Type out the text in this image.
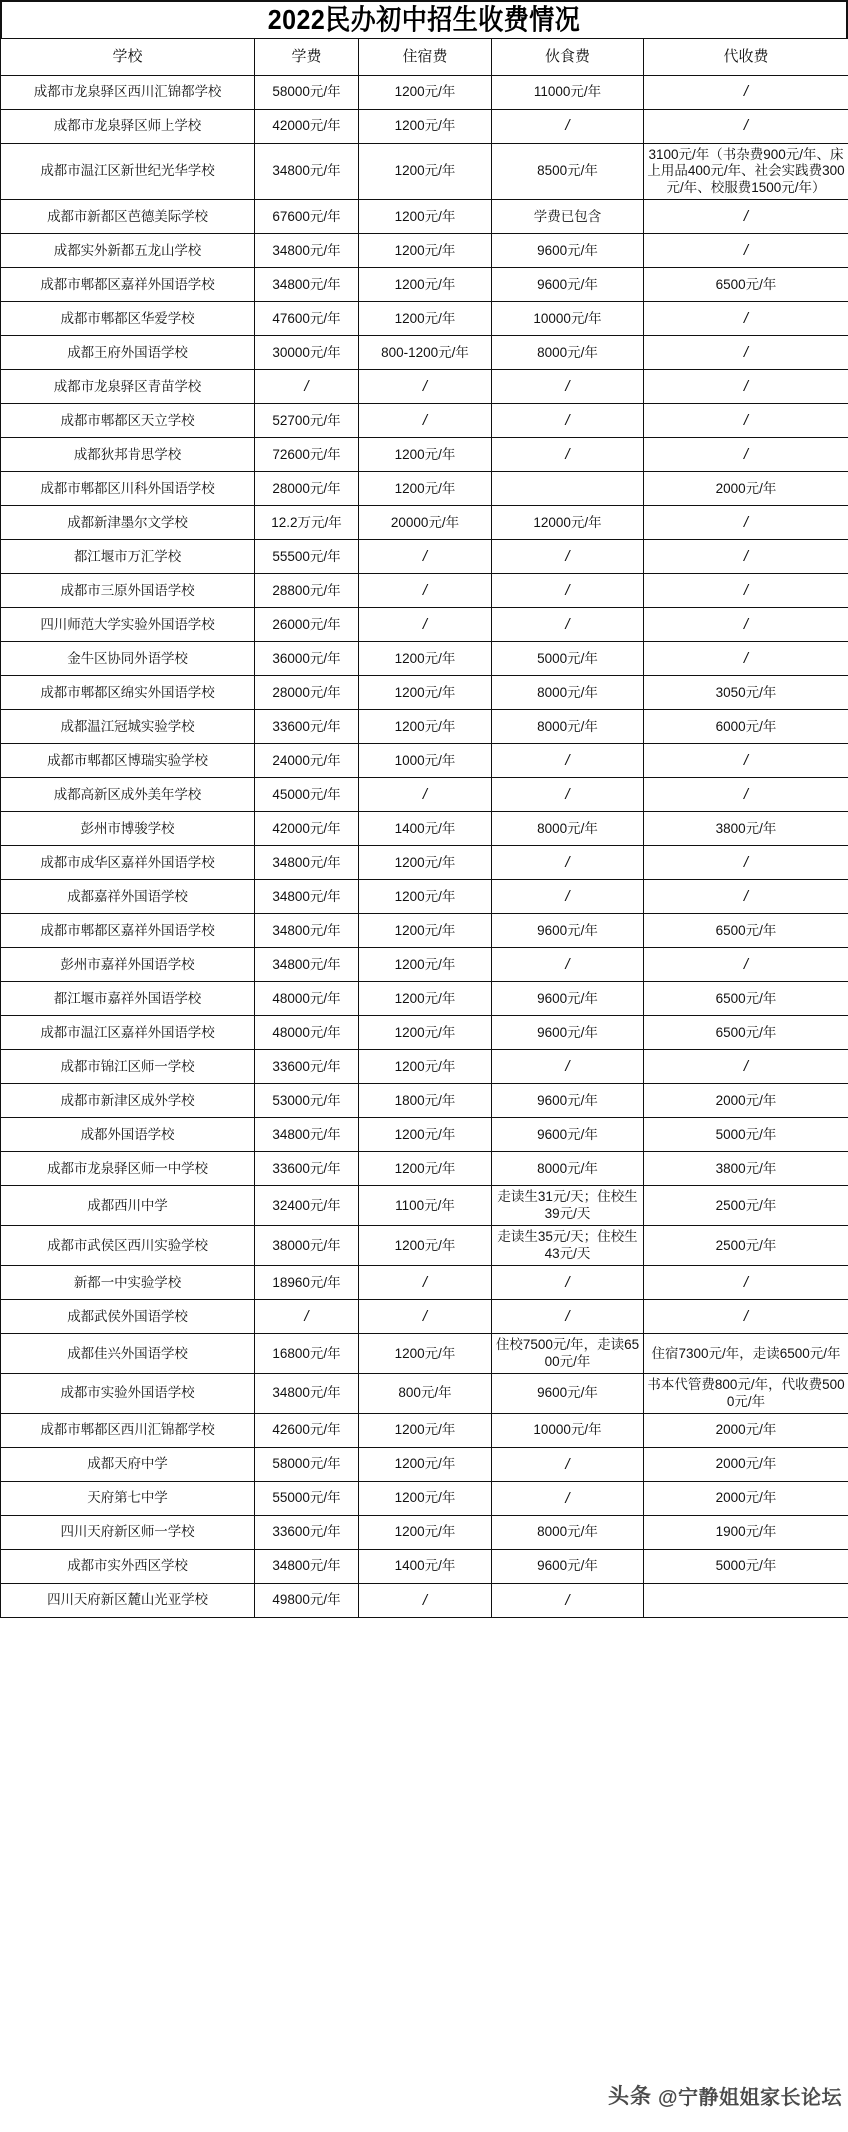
2022民办初中招生收费情况
学校	学费	住宿费	伙食费	代收费
成都市龙泉驿区西川汇锦都学校	58000元/年	1200元/年	11000元/年	/
成都市龙泉驿区师上学校	42000元/年	1200元/年	/	/
成都市温江区新世纪光华学校	34800元/年	1200元/年	8500元/年	3100元/年（书杂费900元/年、床上用品400元/年、社会实践费300元/年、校服费1500元/年）
成都市新都区芭德美际学校	67600元/年	1200元/年	学费已包含	/
成都实外新都五龙山学校	34800元/年	1200元/年	9600元/年	/
成都市郫都区嘉祥外国语学校	34800元/年	1200元/年	9600元/年	6500元/年
成都市郫都区华爱学校	47600元/年	1200元/年	10000元/年	/
成都王府外国语学校	30000元/年	800-1200元/年	8000元/年	/
成都市龙泉驿区青苗学校	/	/	/	/
成都市郫都区天立学校	52700元/年	/	/	/
成都狄邦肯思学校	72600元/年	1200元/年	/	/
成都市郫都区川科外国语学校	28000元/年	1200元/年		2000元/年
成都新津墨尔文学校	12.2万元/年	20000元/年	12000元/年	/
都江堰市万汇学校	55500元/年	/	/	/
成都市三原外国语学校	28800元/年	/	/	/
四川师范大学实验外国语学校	26000元/年	/	/	/
金牛区协同外语学校	36000元/年	1200元/年	5000元/年	/
成都市郫都区绵实外国语学校	28000元/年	1200元/年	8000元/年	3050元/年
成都温江冠城实验学校	33600元/年	1200元/年	8000元/年	6000元/年
成都市郫都区博瑞实验学校	24000元/年	1000元/年	/	/
成都高新区成外美年学校	45000元/年	/	/	/
彭州市博骏学校	42000元/年	1400元/年	8000元/年	3800元/年
成都市成华区嘉祥外国语学校	34800元/年	1200元/年	/	/
成都嘉祥外国语学校	34800元/年	1200元/年	/	/
成都市郫都区嘉祥外国语学校	34800元/年	1200元/年	9600元/年	6500元/年
彭州市嘉祥外国语学校	34800元/年	1200元/年	/	/
都江堰市嘉祥外国语学校	48000元/年	1200元/年	9600元/年	6500元/年
成都市温江区嘉祥外国语学校	48000元/年	1200元/年	9600元/年	6500元/年
成都市锦江区师一学校	33600元/年	1200元/年	/	/
成都市新津区成外学校	53000元/年	1800元/年	9600元/年	2000元/年
成都外国语学校	34800元/年	1200元/年	9600元/年	5000元/年
成都市龙泉驿区师一中学校	33600元/年	1200元/年	8000元/年	3800元/年
成都西川中学	32400元/年	1100元/年	走读生31元/天；住校生39元/天	2500元/年
成都市武侯区西川实验学校	38000元/年	1200元/年	走读生35元/天；住校生43元/天	2500元/年
新都一中实验学校	18960元/年	/	/	/
成都武侯外国语学校	/	/	/	/
成都佳兴外国语学校	16800元/年	1200元/年	住校7500元/年，走读6500元/年	住宿7300元/年，走读6500元/年
成都市实验外国语学校	34800元/年	800元/年	9600元/年	书本代管费800元/年，代收费5000元/年
成都市郫都区西川汇锦都学校	42600元/年	1200元/年	10000元/年	2000元/年
成都天府中学	58000元/年	1200元/年	/	2000元/年
天府第七中学	55000元/年	1200元/年	/	2000元/年
四川天府新区师一学校	33600元/年	1200元/年	8000元/年	1900元/年
成都市实外西区学校	34800元/年	1400元/年	9600元/年	5000元/年
四川天府新区麓山光亚学校	49800元/年	/	/	
头条 @宁静姐姐家长论坛
